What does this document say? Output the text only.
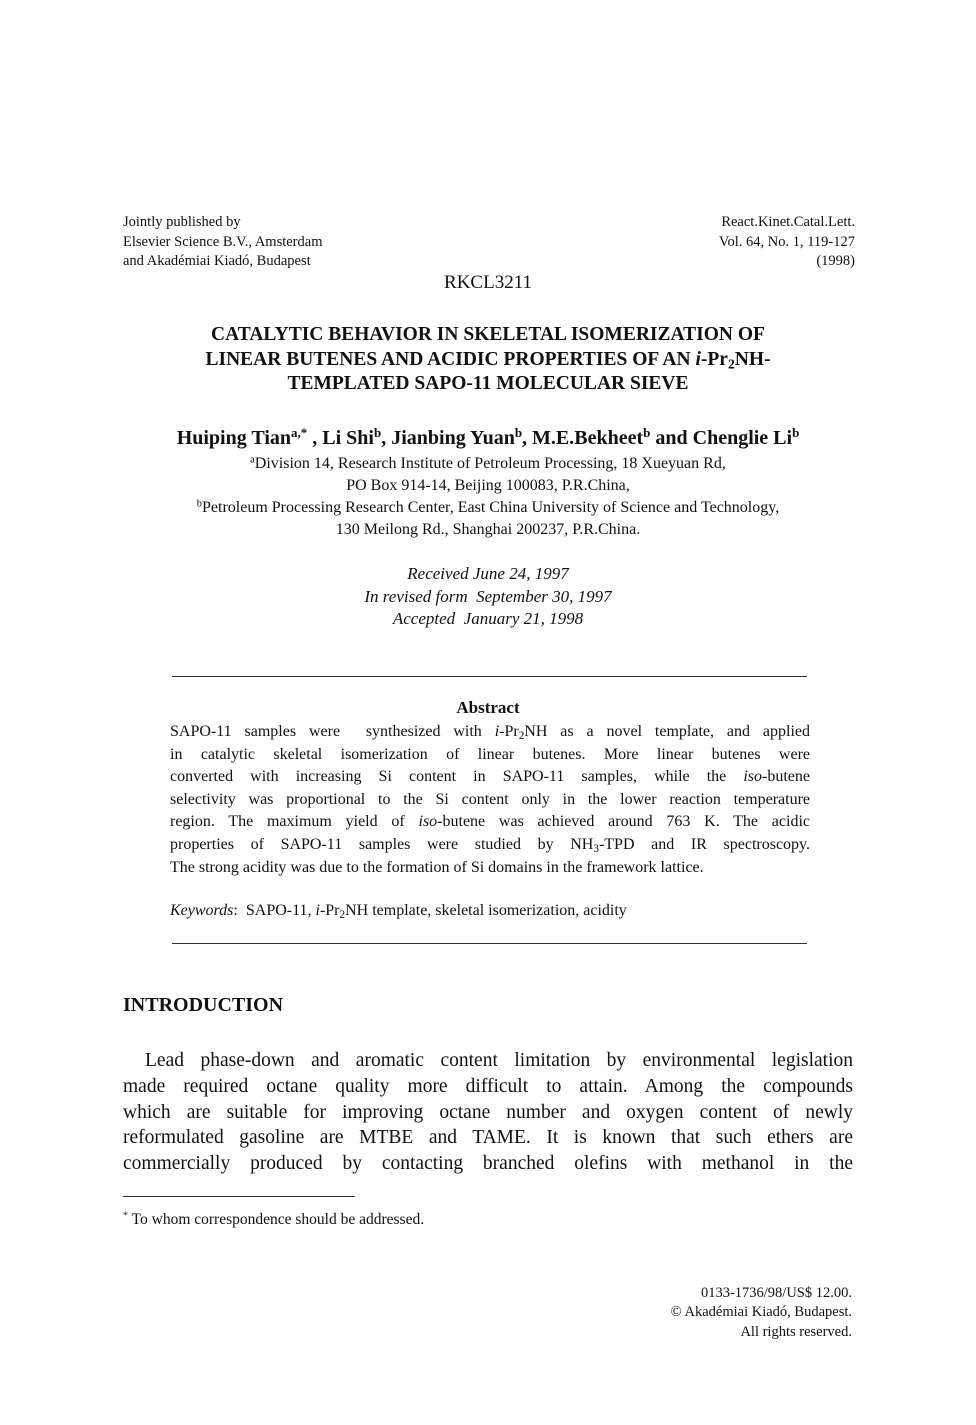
Jointly published by
Elsevier Science B.V., Amsterdam
and Akadémiai Kiadó, Budapest
React.Kinet.Catal.Lett.
Vol. 64, No. 1, 119-127
(1998)
RKCL3211
CATALYTIC BEHAVIOR IN SKELETAL ISOMERIZATION OF
LINEAR BUTENES AND ACIDIC PROPERTIES OF AN $i-Pr_2NH-$
TEMPLATED SAPO-11 MOLECULAR SIEVE
Huiping Tian$^{a,*}$ , Li Shi$^b$, Jianbing Yuan$^b$, M.E.Bekheet$^b$ and Chenglie Li$^b$
$^a$Division 14, Research Institute of Petroleum Processing, 18 Xueyuan Rd,
PO Box 914-14, Beijing 100083, P.R.China,
$^b$Petroleum Processing Research Center, East China University of Science and Technology,
130 Meilong Rd., Shanghai 200237, P.R.China.
Received June 24, 1997
In revised form  September 30, 1997
Accepted  January 21, 1998
Abstract
SAPO-11 samples were  synthesized with $i-Pr_2NH$ as a novel template, and applied
in catalytic skeletal isomerization of linear butenes. More linear butenes were
converted with increasing Si content in SAPO-11 samples, while the iso-butene
selectivity was proportional to the Si content only in the lower reaction temperature
region. The maximum yield of iso-butene was achieved around 763 K. The acidic
properties of SAPO-11 samples were studied by $NH_3$-TPD and IR spectroscopy.
The strong acidity was due to the formation of Si domains in the framework lattice.
Keywords:  SAPO-11, $i-Pr_2NH$ template, skeletal isomerization, acidity
INTRODUCTION
Lead phase-down and aromatic content limitation by environmental legislation
made required octane quality more difficult to attain. Among the compounds
which are suitable for improving octane number and oxygen content of newly
reformulated gasoline are MTBE and TAME. It is known that such ethers are
commercially produced by contacting branched olefins with methanol in the
* To whom correspondence should be addressed.
0133-1736/98/US$ 12.00.
© Akadémiai Kiadó, Budapest.
All rights reserved.
